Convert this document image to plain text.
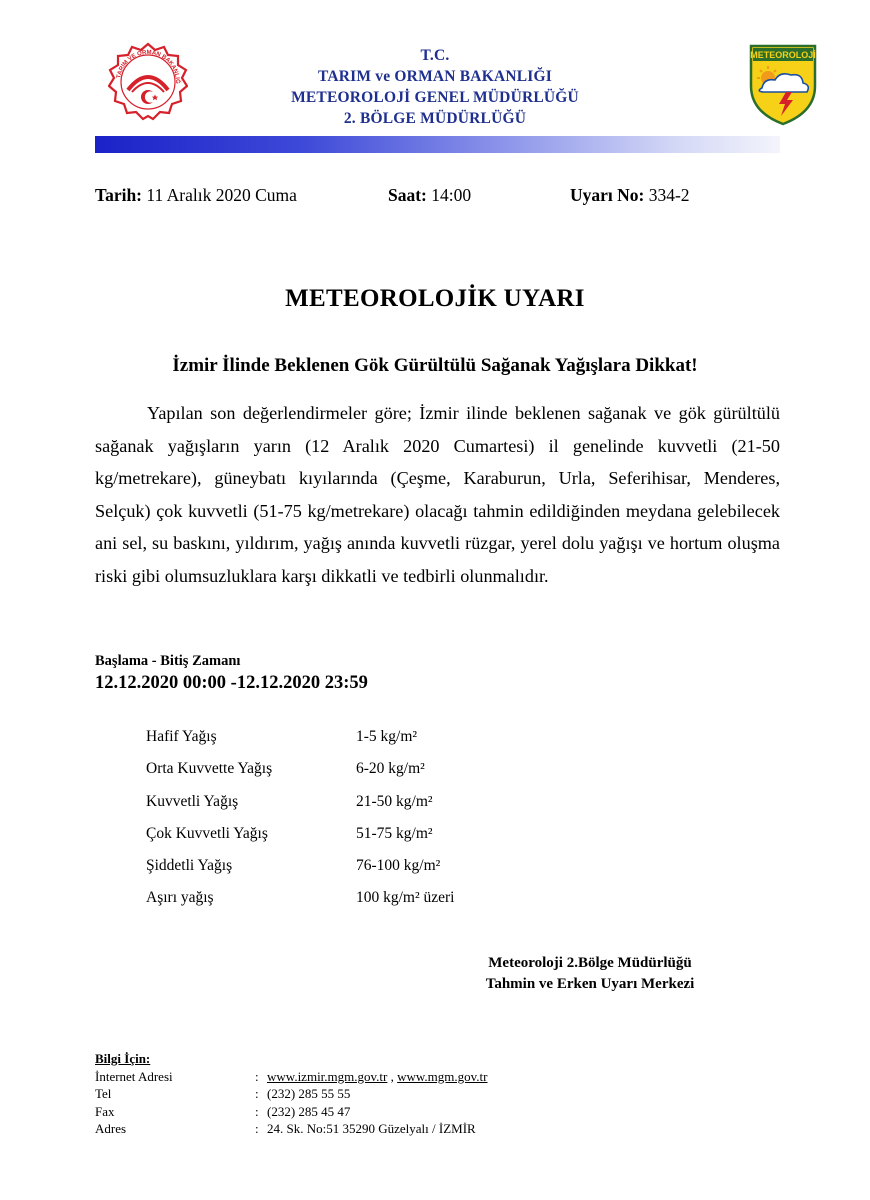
TARIM VE ORMAN BAKANLIĞ
METEOROLOJİ
T.C.
TARIM ve ORMAN BAKANLIĞI
METEOROLOJİ GENEL MÜDÜRLÜĞÜ
2. BÖLGE MÜDÜRLÜĞÜ
Tarih: 11 Aralık 2020 Cuma	Saat: 14:00	Uyarı No: 334-2
METEOROLOJİK UYARI
İzmir İlinde Beklenen Gök Gürültülü Sağanak Yağışlara Dikkat!
Yapılan son değerlendirmeler göre; İzmir ilinde beklenen sağanak ve gök gürültülü sağanak yağışların yarın (12 Aralık 2020 Cumartesi) il genelinde kuvvetli (21-50 kg/metrekare), güneybatı kıyılarında (Çeşme, Karaburun, Urla, Seferihisar, Menderes, Selçuk) çok kuvvetli (51-75 kg/metrekare) olacağı tahmin edildiğinden meydana gelebilecek ani sel, su baskını, yıldırım, yağış anında kuvvetli rüzgar, yerel dolu yağışı ve hortum oluşma riski gibi olumsuzluklara karşı dikkatli ve tedbirli olunmalıdır.
Başlama - Bitiş Zamanı
12.12.2020 00:00 -12.12.2020 23:59
Hafif Yağış	1-5 kg/m²
Orta Kuvvette Yağış	6-20 kg/m²
Kuvvetli Yağış	21-50 kg/m²
Çok Kuvvetli Yağış	51-75 kg/m²
Şiddetli Yağış	76-100 kg/m²
Aşırı yağış	100 kg/m² üzeri
Meteoroloji 2.Bölge Müdürlüğü
Tahmin ve Erken Uyarı Merkezi
Bilgi İçin:
İnternet Adresi	: www.izmir.mgm.gov.tr , www.mgm.gov.tr
Tel	: (232) 285 55 55
Fax	: (232) 285 45 47
Adres	: 24. Sk. No:51 35290 Güzelyalı / İZMİR
